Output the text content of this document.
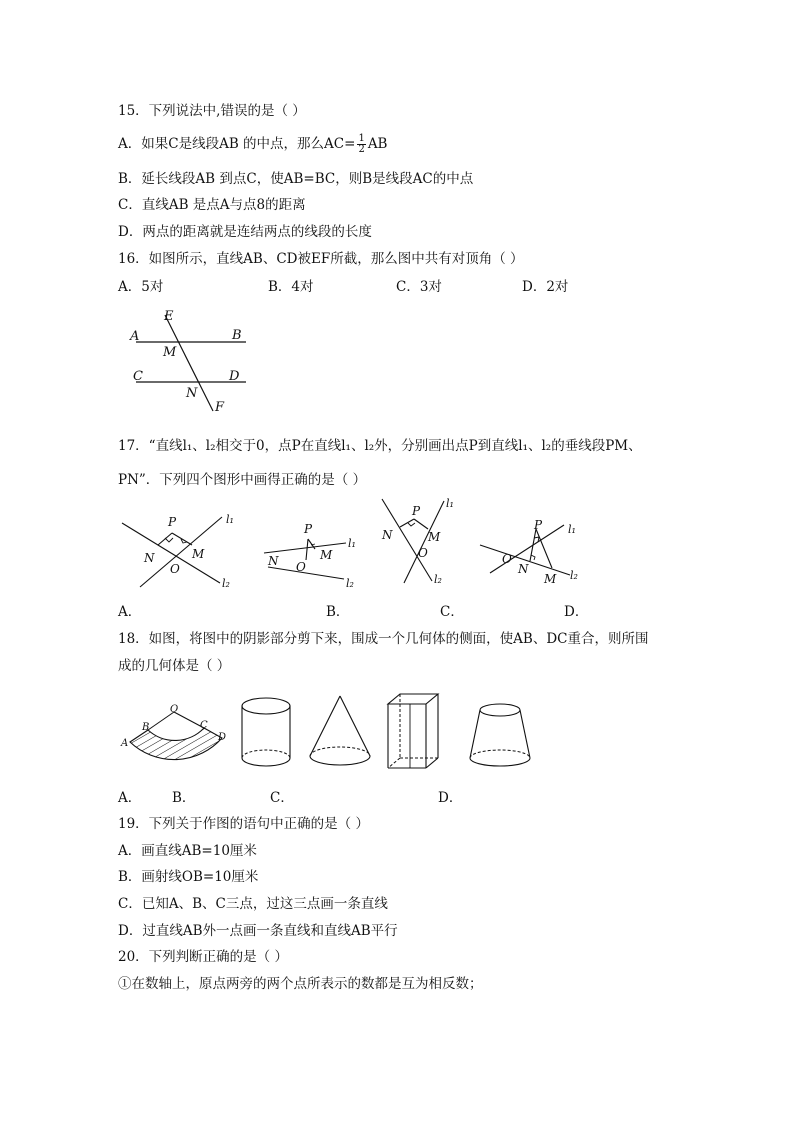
15．下列说法中,错误的是（ ）
A．如果C是线段AB 的中点，那么$AC= \frac{1}{2}$ AB
B．延长线段AB 到点C，使AB=BC，则B是线段AC的中点
C．直线AB 是点A与点8的距离
D．两点的距离就是连结两点的线段的长度
16．如图所示，直线AB、CD被EF所截，那么图中共有对顶角（ ）
A．5对	B．4对	C．3对	D．2对
A	B
C	D
E
F
M
N
17．“直线l₁、l₂相交于0，点P在直线l₁、l₂外，分别画出点P到直线l₁、l₂的垂线段PM、
PN”．下列四个图形中画得正确的是（ ）
P
N	M
O
l₁
l₂
P
N	M
O
l₁
l₂
P
N	M
O
l₁
l₂
P
N
M
O
l₁
l₂
A．	B．	C．	D．
18．如图，将图中的阴影部分剪下来，围成一个几何体的侧面，使AB、DC重合，则所围
成的几何体是（ ）
O
A
B	C
D
A． B．	C．	D．
19．下列关于作图的语句中正确的是（ ）
A．画直线AB=10厘米
B．画射线OB=10厘米
C．已知A、B、C三点，过这三点画一条直线
D．过直线AB外一点画一条直线和直线AB平行
20．下列判断正确的是（ ）
①在数轴上，原点两旁的两个点所表示的数都是互为相反数；
